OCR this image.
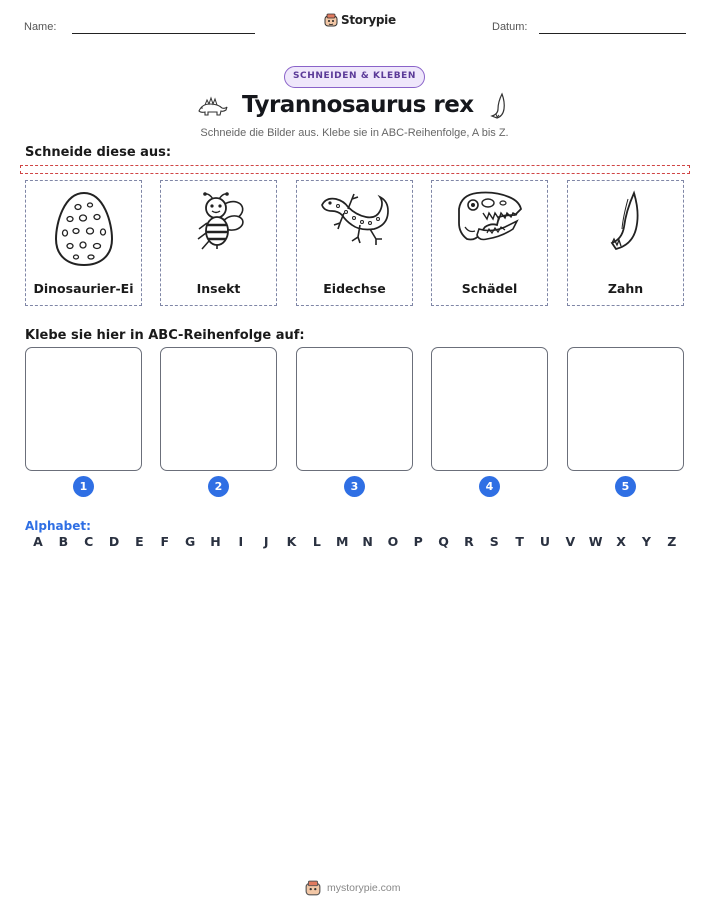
Name:	Storypie	Datum:
SCHNEIDEN & KLEBEN
Tyrannosaurus rex
Schneide die Bilder aus. Klebe sie in ABC-Reihenfolge, A bis Z.
Schneide diese aus:
Dinosaurier-Ei	Insekt	Eidechse	Schädel	Zahn
Klebe sie hier in ABC-Reihenfolge auf:
1	2	3	4	5
Alphabet:
A B C D E F G H	I	J	K	L	M N O P Q R S T U V W X Y Z
mystorypie.com
